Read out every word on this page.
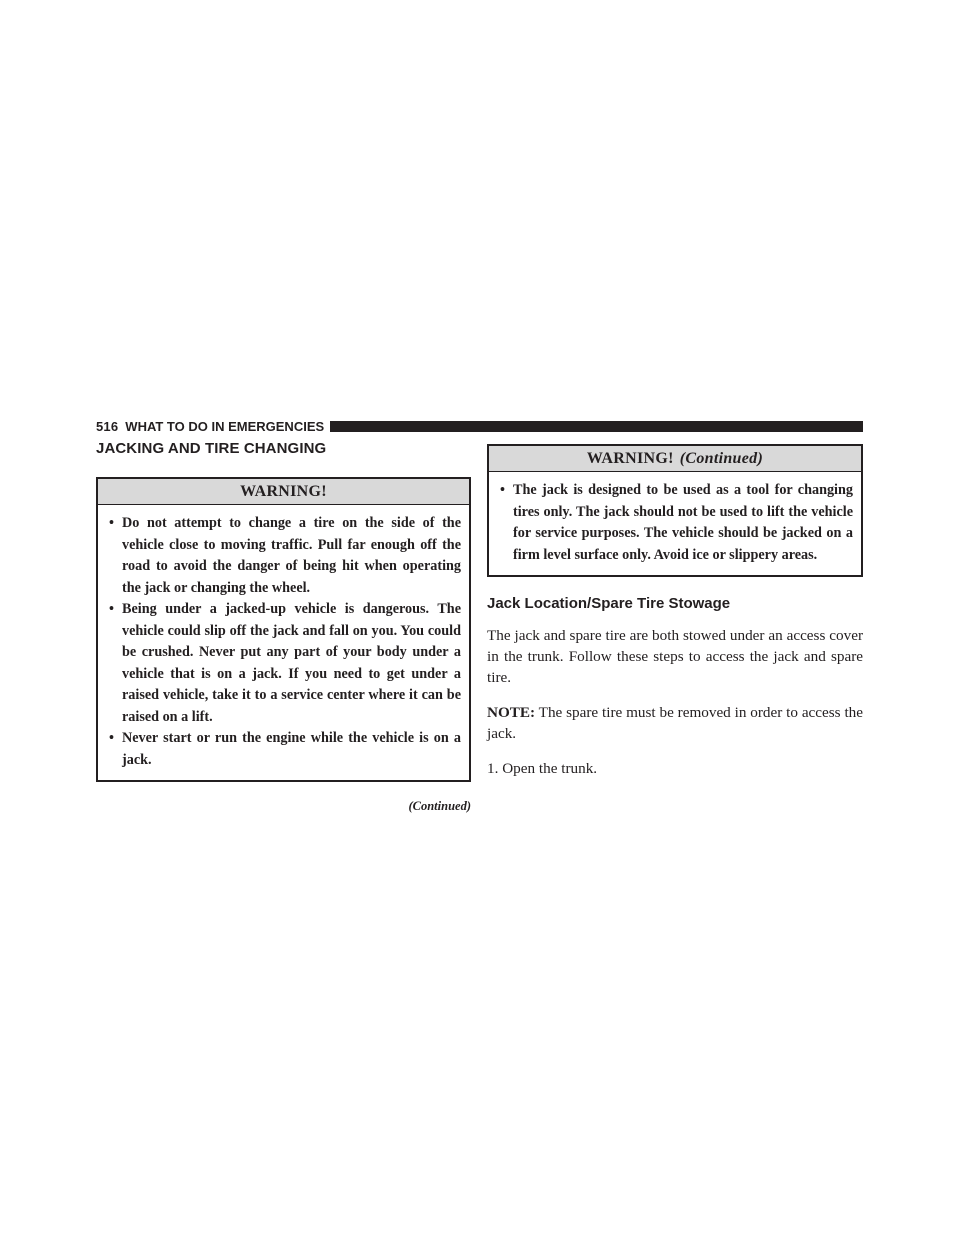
516 WHAT TO DO IN EMERGENCIES
JACKING AND TIRE CHANGING
WARNING!
• Do not attempt to change a tire on the side of the vehicle close to moving traffic. Pull far enough off the road to avoid the danger of being hit when operating the jack or changing the wheel.
• Being under a jacked-up vehicle is dangerous. The vehicle could slip off the jack and fall on you. You could be crushed. Never put any part of your body under a vehicle that is on a jack. If you need to get under a raised vehicle, take it to a service center where it can be raised on a lift.
• Never start or run the engine while the vehicle is on a jack.
(Continued)
WARNING! (Continued)
• The jack is designed to be used as a tool for changing tires only. The jack should not be used to lift the vehicle for service purposes. The vehicle should be jacked on a firm level surface only. Avoid ice or slippery areas.
Jack Location/Spare Tire Stowage

The jack and spare tire are both stowed under an access cover in the trunk. Follow these steps to access the jack and spare tire.

NOTE: The spare tire must be removed in order to access the jack.

1. Open the trunk.
